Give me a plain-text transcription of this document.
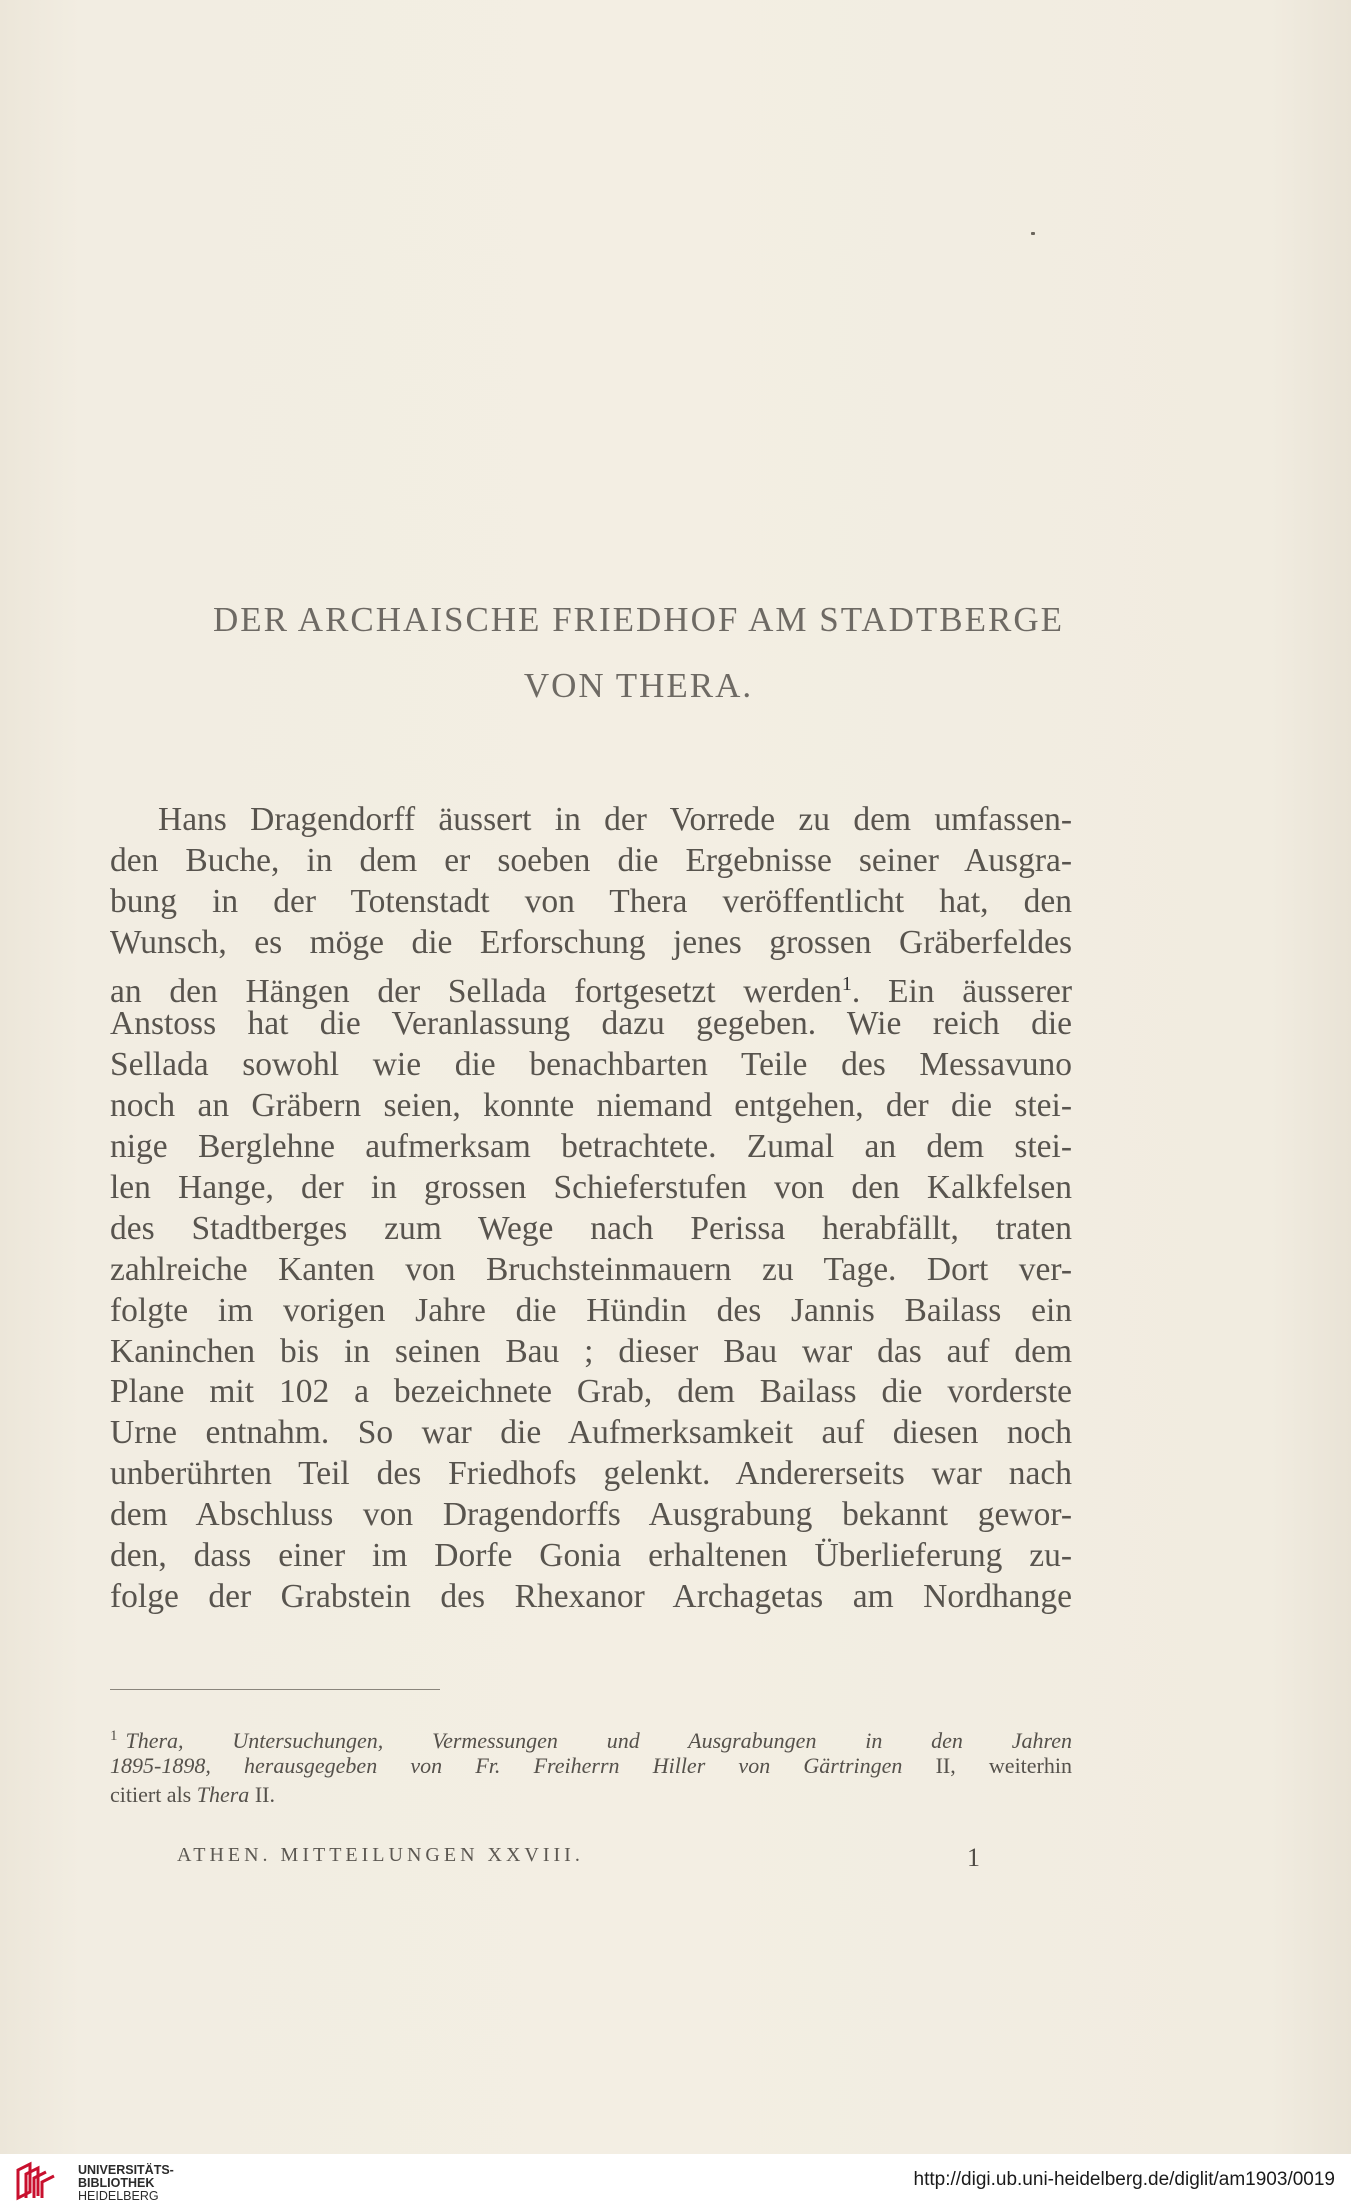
DER ARCHAISCHE FRIEDHOF AM STADTBERGE
VON THERA.
Hans Dragendorff äussert in der Vorrede zu dem umfassen-
den Buche, in dem er soeben die Ergebnisse seiner Ausgra-
bung in der Totenstadt von Thera veröffentlicht hat, den
Wunsch, es möge die Erforschung jenes grossen Gräberfeldes
an den Hängen der Sellada fortgesetzt werden$^1$. Ein äusserer
Anstoss hat die Veranlassung dazu gegeben. Wie reich die
Sellada sowohl wie die benachbarten Teile des Messavuno
noch an Gräbern seien, konnte niemand entgehen, der die stei-
nige Berglehne aufmerksam betrachtete. Zumal an dem stei-
len Hange, der in grossen Schieferstufen von den Kalkfelsen
des Stadtberges zum Wege nach Perissa herabfällt, traten
zahlreiche Kanten von Bruchsteinmauern zu Tage. Dort ver-
folgte im vorigen Jahre die Hündin des Jannis Bailass ein
Kaninchen bis in seinen Bau ; dieser Bau war das auf dem
Plane mit 102 a bezeichnete Grab, dem Bailass die vorderste
Urne entnahm. So war die Aufmerksamkeit auf diesen noch
unberührten Teil des Friedhofs gelenkt. Andererseits war nach
dem Abschluss von Dragendorffs Ausgrabung bekannt gewor-
den, dass einer im Dorfe Gonia erhaltenen Überlieferung zu-
folge der Grabstein des Rhexanor Archagetas am Nordhange
$^1$ Thera, Untersuchungen, Vermessungen und Ausgrabungen in den Jahren
1895-1898, herausgegeben von Fr. Freiherrn Hiller von Gärtringen II, weiterhin
citiert als Thera II.
ATHEN. MITTEILUNGEN XXVIII.	1
UNIVERSITÄTS-
BIBLIOTHEK
HEIDELBERG
http://digi.ub.uni-heidelberg.de/diglit/am1903/0019
